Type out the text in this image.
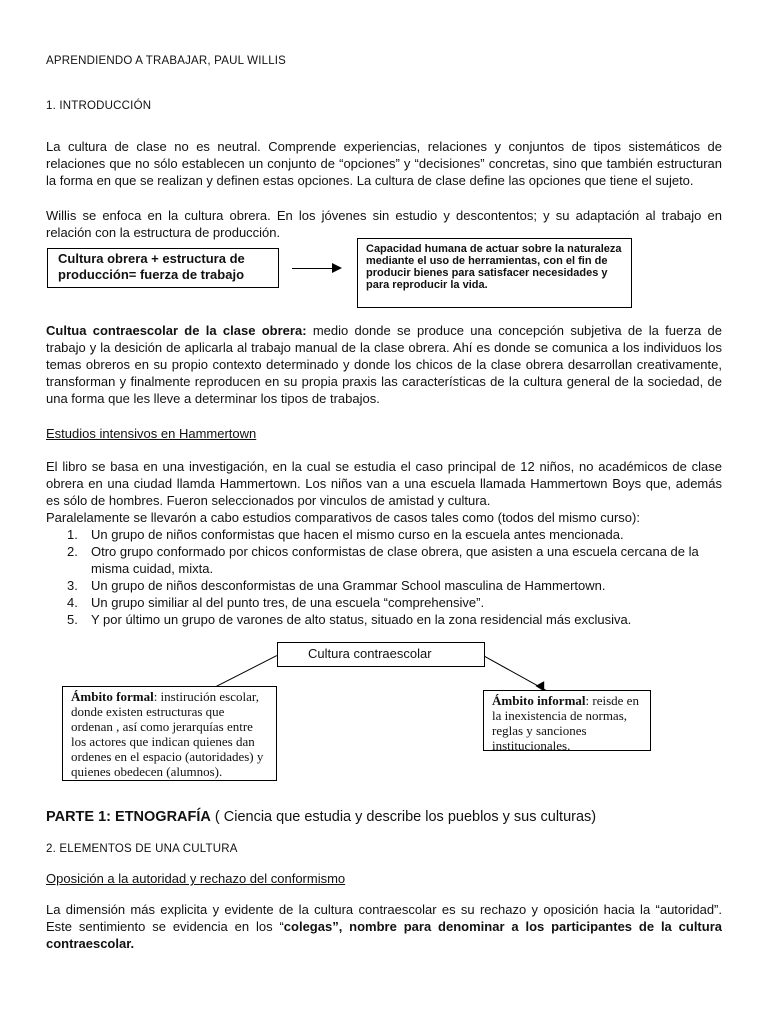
APRENDIENDO A TRABAJAR, PAUL WILLIS
1. INTRODUCCIÓN

La cultura de clase no es neutral. Comprende experiencias, relaciones y conjuntos de tipos sistemáticos de relaciones que no sólo establecen un conjunto de “opciones” y “decisiones” concretas, sino que también estructuran la forma en que se realizan y definen estas opciones. La cultura de clase define las opciones que tiene el sujeto.

Willis se enfoca en la cultura obrera. En los jóvenes sin estudio y descontentos; y su adaptación al trabajo en relación con la estructura de producción.

Cultura obrera + estructura de producción= fuerza de trabajo
Capacidad humana de actuar sobre la naturaleza mediante el uso de herramientas, con el fin de producir bienes para satisfacer necesidades y para reproducir la vida.

Cultua contraescolar de la clase obrera: medio donde se produce una concepción subjetiva de la fuerza de trabajo y la desición de aplicarla al trabajo manual de la clase obrera. Ahí es donde se comunica a los individuos los temas obreros en su propio contexto determinado y donde los chicos de la clase obrera desarrollan creativamente, transforman y finalmente reproducen en su propia praxis las características de la cultura general de la sociedad, de una forma que les lleve a determinar los tipos de trabajos.

Estudios intensivos en Hammertown

El libro se basa en una investigación, en la cual se estudia el caso principal de 12 niños, no académicos de clase obrera en una ciudad llamda Hammertown. Los niños van a una escuela llamada Hammertown Boys que, además es sólo de hombres. Fueron seleccionados por vinculos de amistad y cultura.

Paralelamente se llevarón a cabo estudios comparativos de casos tales como (todos del mismo curso):

1. Un grupo de niños conformistas que hacen el mismo curso en la escuela antes mencionada.
2. Otro grupo conformado por chicos conformistas de clase obrera, que asisten a una escuela cercana de la misma cuidad, mixta.
3. Un grupo de niños desconformistas de una Grammar School masculina de Hammertown.
4. Un grupo similiar al del punto tres, de una escuela “comprehensive”.
5. Y por último un grupo de varones de alto status, situado en la zona residencial más exclusiva.
Cultura contraescolar
Ámbito formal: instirución escolar, donde existen estructuras que ordenan , así como jerarquías entre los actores que indican quienes dan ordenes en el espacio (autoridades) y quienes obedecen (alumnos).
Ámbito informal: reisde en la inexistencia de normas, reglas y sanciones institucionales.
PARTE 1: ETNOGRAFÍA ( Ciencia que estudia y describe los pueblos y sus culturas)
2. ELEMENTOS DE UNA CULTURA
Oposición a la autoridad y rechazo del conformismo

La dimensión más explicita y evidente de la cultura contraescolar es su rechazo y oposición hacia la “autoridad”. Este sentimiento se evidencia en los “colegas”, nombre para denominar a los participantes de la cultura contraescolar.
